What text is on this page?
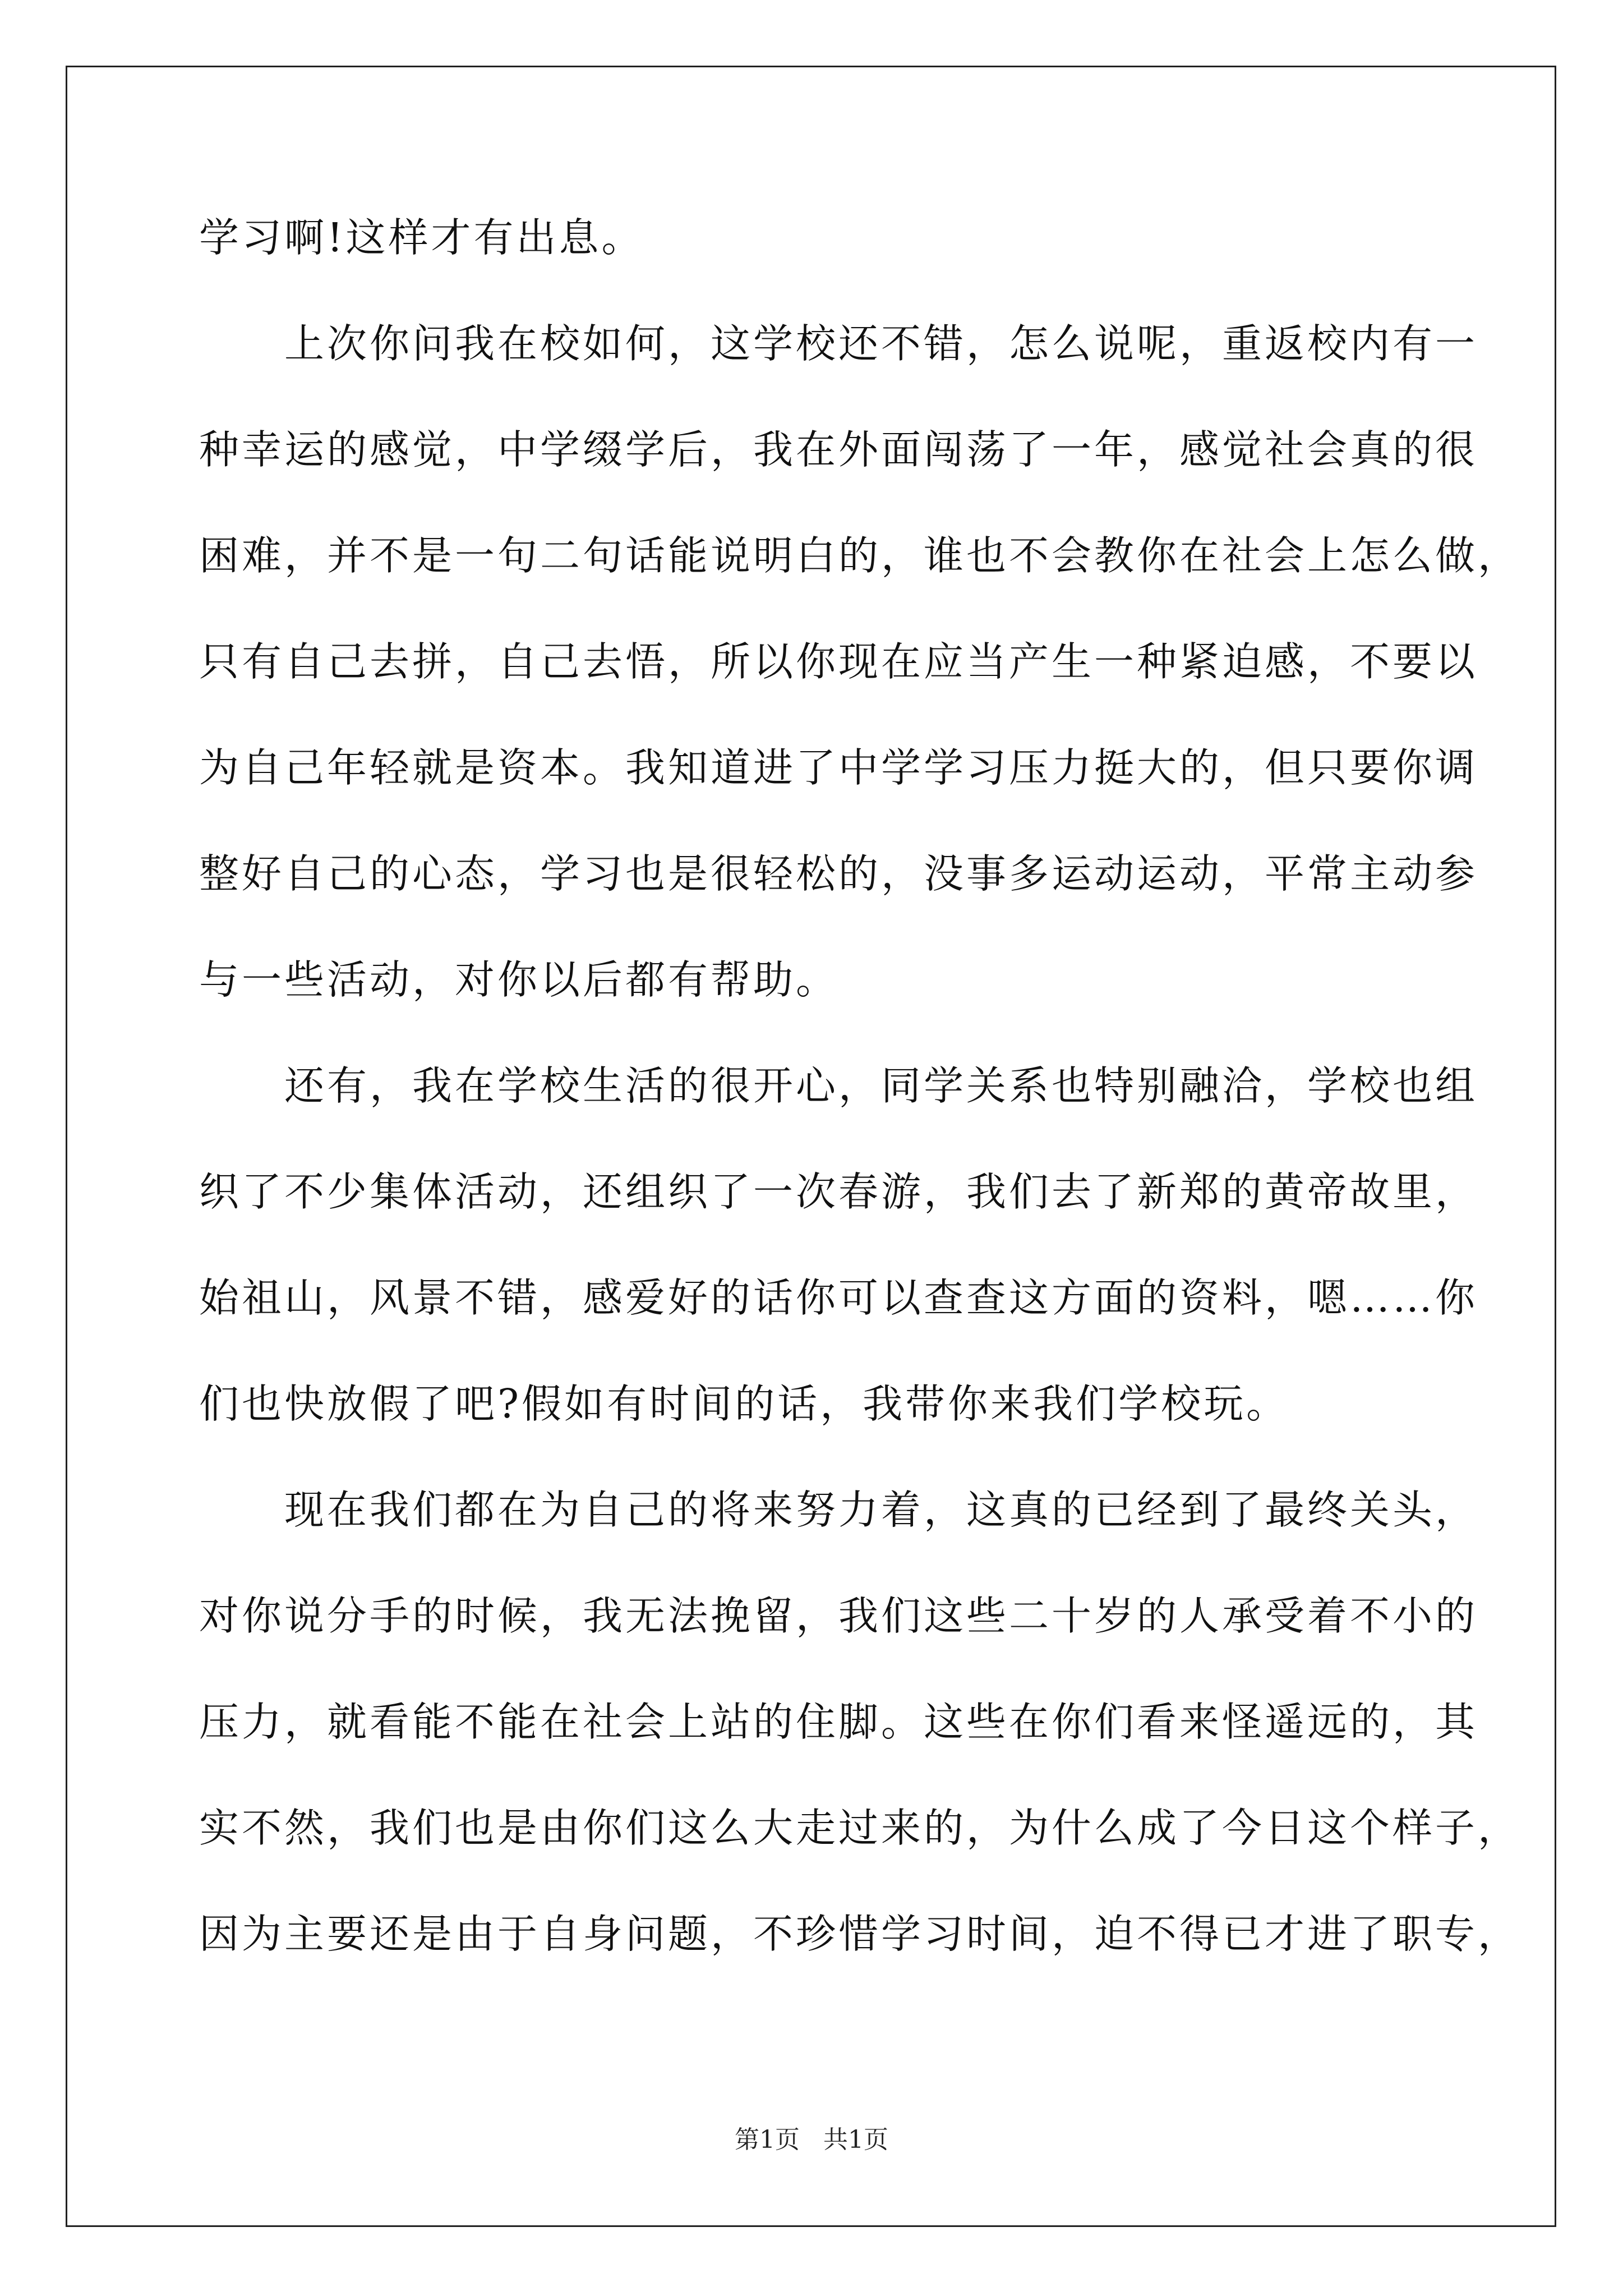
学习啊!这样才有出息。
　　上次你问我在校如何，这学校还不错，怎么说呢，重返校内有一
种幸运的感觉，中学缀学后，我在外面闯荡了一年，感觉社会真的很
困难，并不是一句二句话能说明白的，谁也不会教你在社会上怎么做，
只有自己去拼，自己去悟，所以你现在应当产生一种紧迫感，不要以
为自己年轻就是资本。我知道进了中学学习压力挺大的，但只要你调
整好自己的心态，学习也是很轻松的，没事多运动运动，平常主动参
与一些活动，对你以后都有帮助。
　　还有，我在学校生活的很开心，同学关系也特别融洽，学校也组
织了不少集体活动，还组织了一次春游，我们去了新郑的黄帝故里，
始祖山，风景不错，感爱好的话你可以查查这方面的资料，嗯……你
们也快放假了吧?假如有时间的话，我带你来我们学校玩。
　　现在我们都在为自己的将来努力着，这真的已经到了最终关头，
对你说分手的时候，我无法挽留，我们这些二十岁的人承受着不小的
压力，就看能不能在社会上站的住脚。这些在你们看来怪遥远的，其
实不然，我们也是由你们这么大走过来的，为什么成了今日这个样子，
因为主要还是由于自身问题，不珍惜学习时间，迫不得已才进了职专，
第1页   共1页
